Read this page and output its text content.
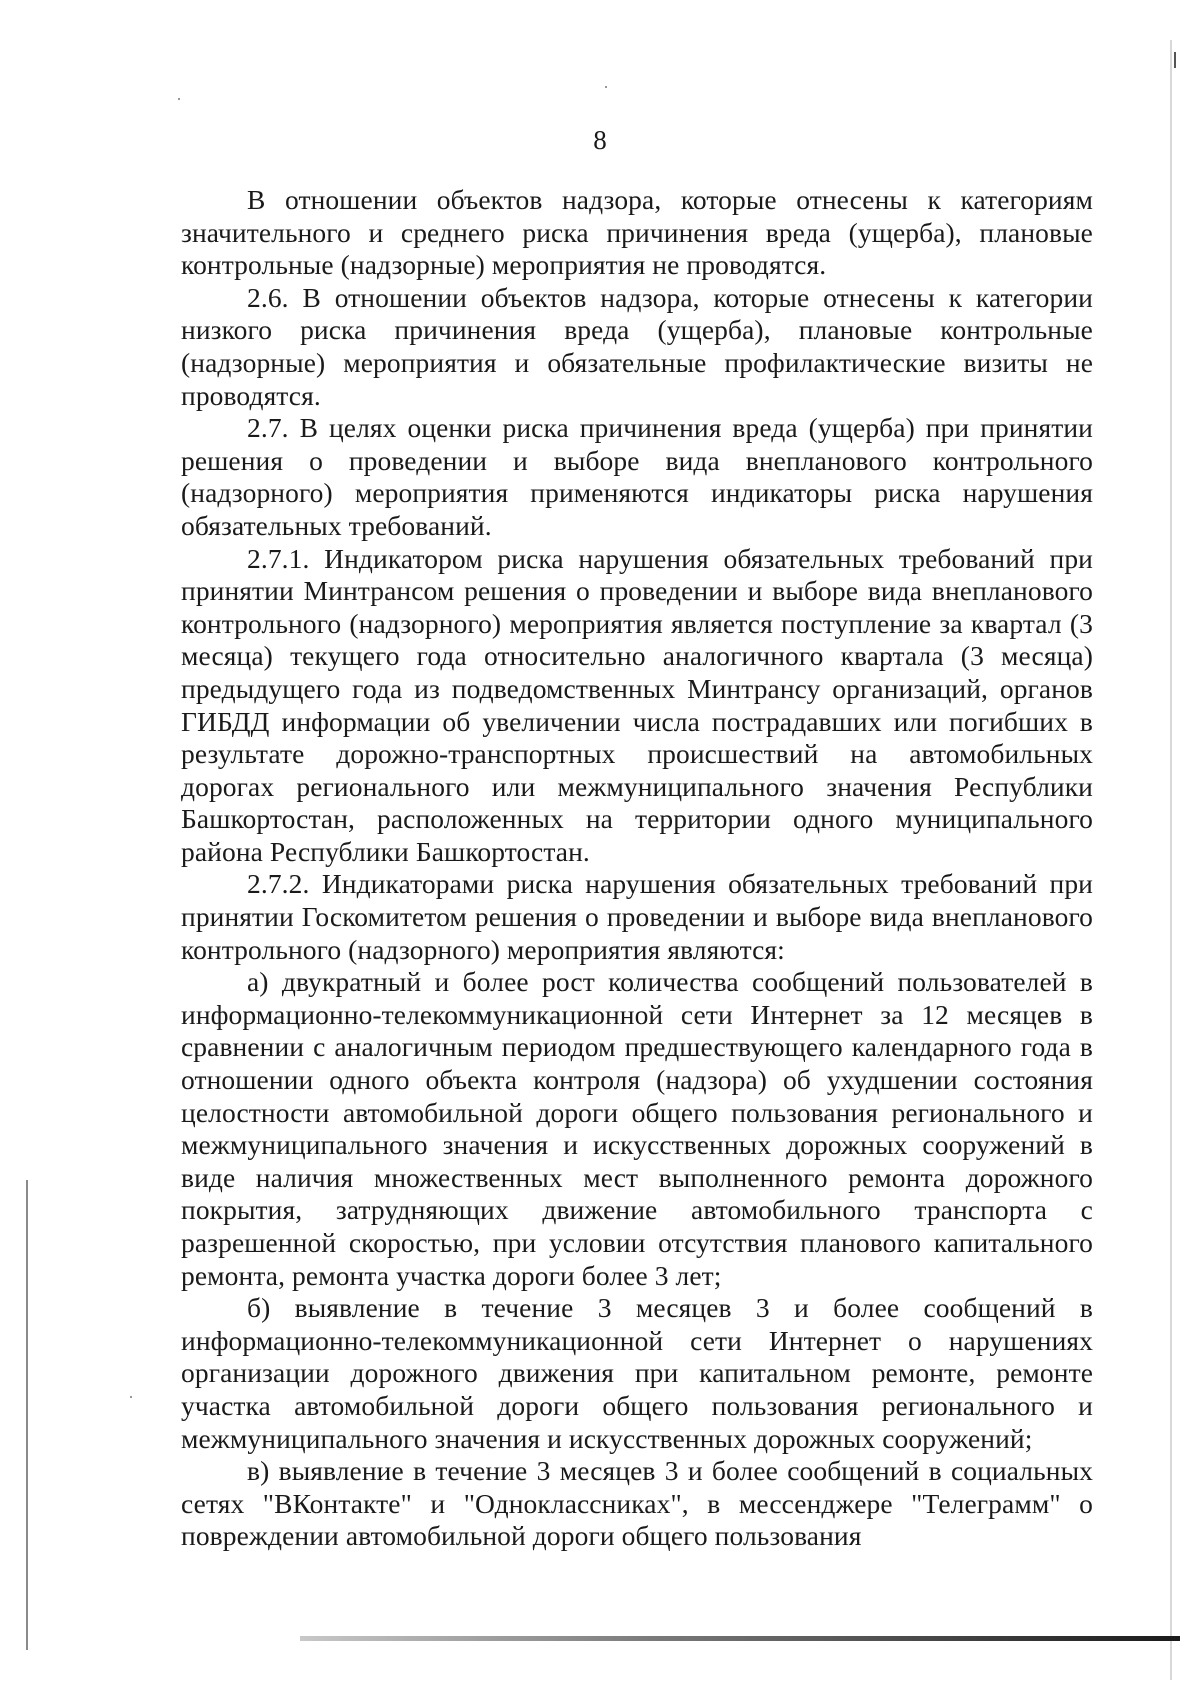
8

В отношении объектов надзора, которые отнесены к категориям значительного и среднего риска причинения вреда (ущерба), плановые контрольные (надзорные) мероприятия не проводятся.

2.6. В отношении объектов надзора, которые отнесены к категории низкого риска причинения вреда (ущерба), плановые контрольные (надзорные) мероприятия и обязательные профилактические визиты не проводятся.

2.7. В целях оценки риска причинения вреда (ущерба) при принятии решения о проведении и выборе вида внепланового контрольного (надзорного) мероприятия применяются индикаторы риска нарушения обязательных требований.

2.7.1. Индикатором риска нарушения обязательных требований при принятии Минтрансом решения о проведении и выборе вида внепланового контрольного (надзорного) мероприятия является поступление за квартал (3 месяца) текущего года относительно аналогичного квартала (3 месяца) предыдущего года из подведомственных Минтрансу организаций, органов ГИБДД информации об увеличении числа пострадавших или погибших в результате дорожно-транспортных происшествий на автомобильных дорогах регионального или межмуниципального значения Республики Башкортостан, расположенных на территории одного муниципального района Республики Башкортостан.

2.7.2. Индикаторами риска нарушения обязательных требований при принятии Госкомитетом решения о проведении и выборе вида внепланового контрольного (надзорного) мероприятия являются:

а) двукратный и более рост количества сообщений пользователей в информационно-телекоммуникационной сети Интернет за 12 месяцев в сравнении с аналогичным периодом предшествующего календарного года в отношении одного объекта контроля (надзора) об ухудшении состояния целостности автомобильной дороги общего пользования регионального и межмуниципального значения и искусственных дорожных сооружений в виде наличия множественных мест выполненного ремонта дорожного покрытия, затрудняющих движение автомобильного транспорта с разрешенной скоростью, при условии отсутствия планового капитального ремонта, ремонта участка дороги более 3 лет;

б) выявление в течение 3 месяцев 3 и более сообщений в информационно-телекоммуникационной сети Интернет о нарушениях организации дорожного движения при капитальном ремонте, ремонте участка автомобильной дороги общего пользования регионального и межмуниципального значения и искусственных дорожных сооружений;

в) выявление в течение 3 месяцев 3 и более сообщений в социальных сетях "ВКонтакте" и "Одноклассниках", в мессенджере "Телеграмм" о повреждении автомобильной дороги общего пользования
